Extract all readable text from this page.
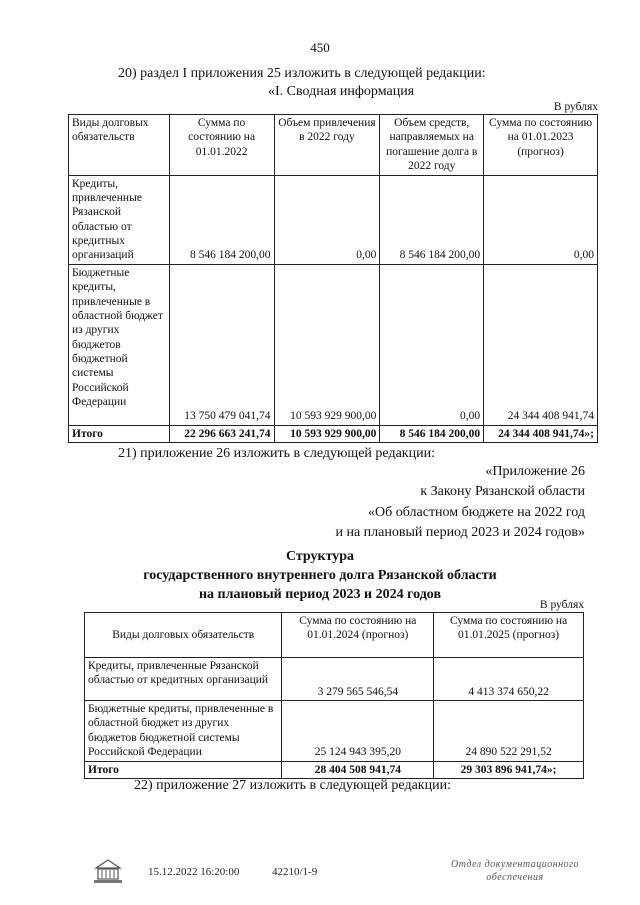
450
20) раздел I приложения 25 изложить в следующей редакции:
«I. Сводная информация
В рублях
Виды долговых обязательств	Сумма по состоянию на 01.01.2022	Объем привлечения в 2022 году	Объем средств, направляемых на погашение долга в 2022 году	Сумма по состоянию на 01.01.2023 (прогноз)
Кредиты, привлеченные Рязанской областью от кредитных организаций	8 546 184 200,00	0,00	8 546 184 200,00	0,00
Бюджетные кредиты, привлеченные в областной бюджет из других бюджетов бюджетной системы Российской Федерации	13 750 479 041,74	10 593 929 900,00	0,00	24 344 408 941,74
Итого	22 296 663 241,74	10 593 929 900,00	8 546 184 200,00	24 344 408 941,74»;
21) приложение 26 изложить в следующей редакции:
«Приложение 26
к Закону Рязанской области
«Об областном бюджете на 2022 год
и на плановый период 2023 и 2024 годов»
Структура
государственного внутреннего долга Рязанской области
на плановый период 2023 и 2024 годов
В рублях
Виды долговых обязательств	Сумма по состоянию на 01.01.2024 (прогноз)	Сумма по состоянию на 01.01.2025 (прогноз)
Кредиты, привлеченные Рязанской областью от кредитных организаций	3 279 565 546,54	4 413 374 650,22
Бюджетные кредиты, привлеченные в областной бюджет из других бюджетов бюджетной системы Российской Федерации	25 124 943 395,20	24 890 522 291,52
Итого	28 404 508 941,74	29 303 896 941,74»;
22) приложение 27 изложить в следующей редакции:
15.12.2022 16:20:00	42210/1-9
Отдел документационного
обеспечения
